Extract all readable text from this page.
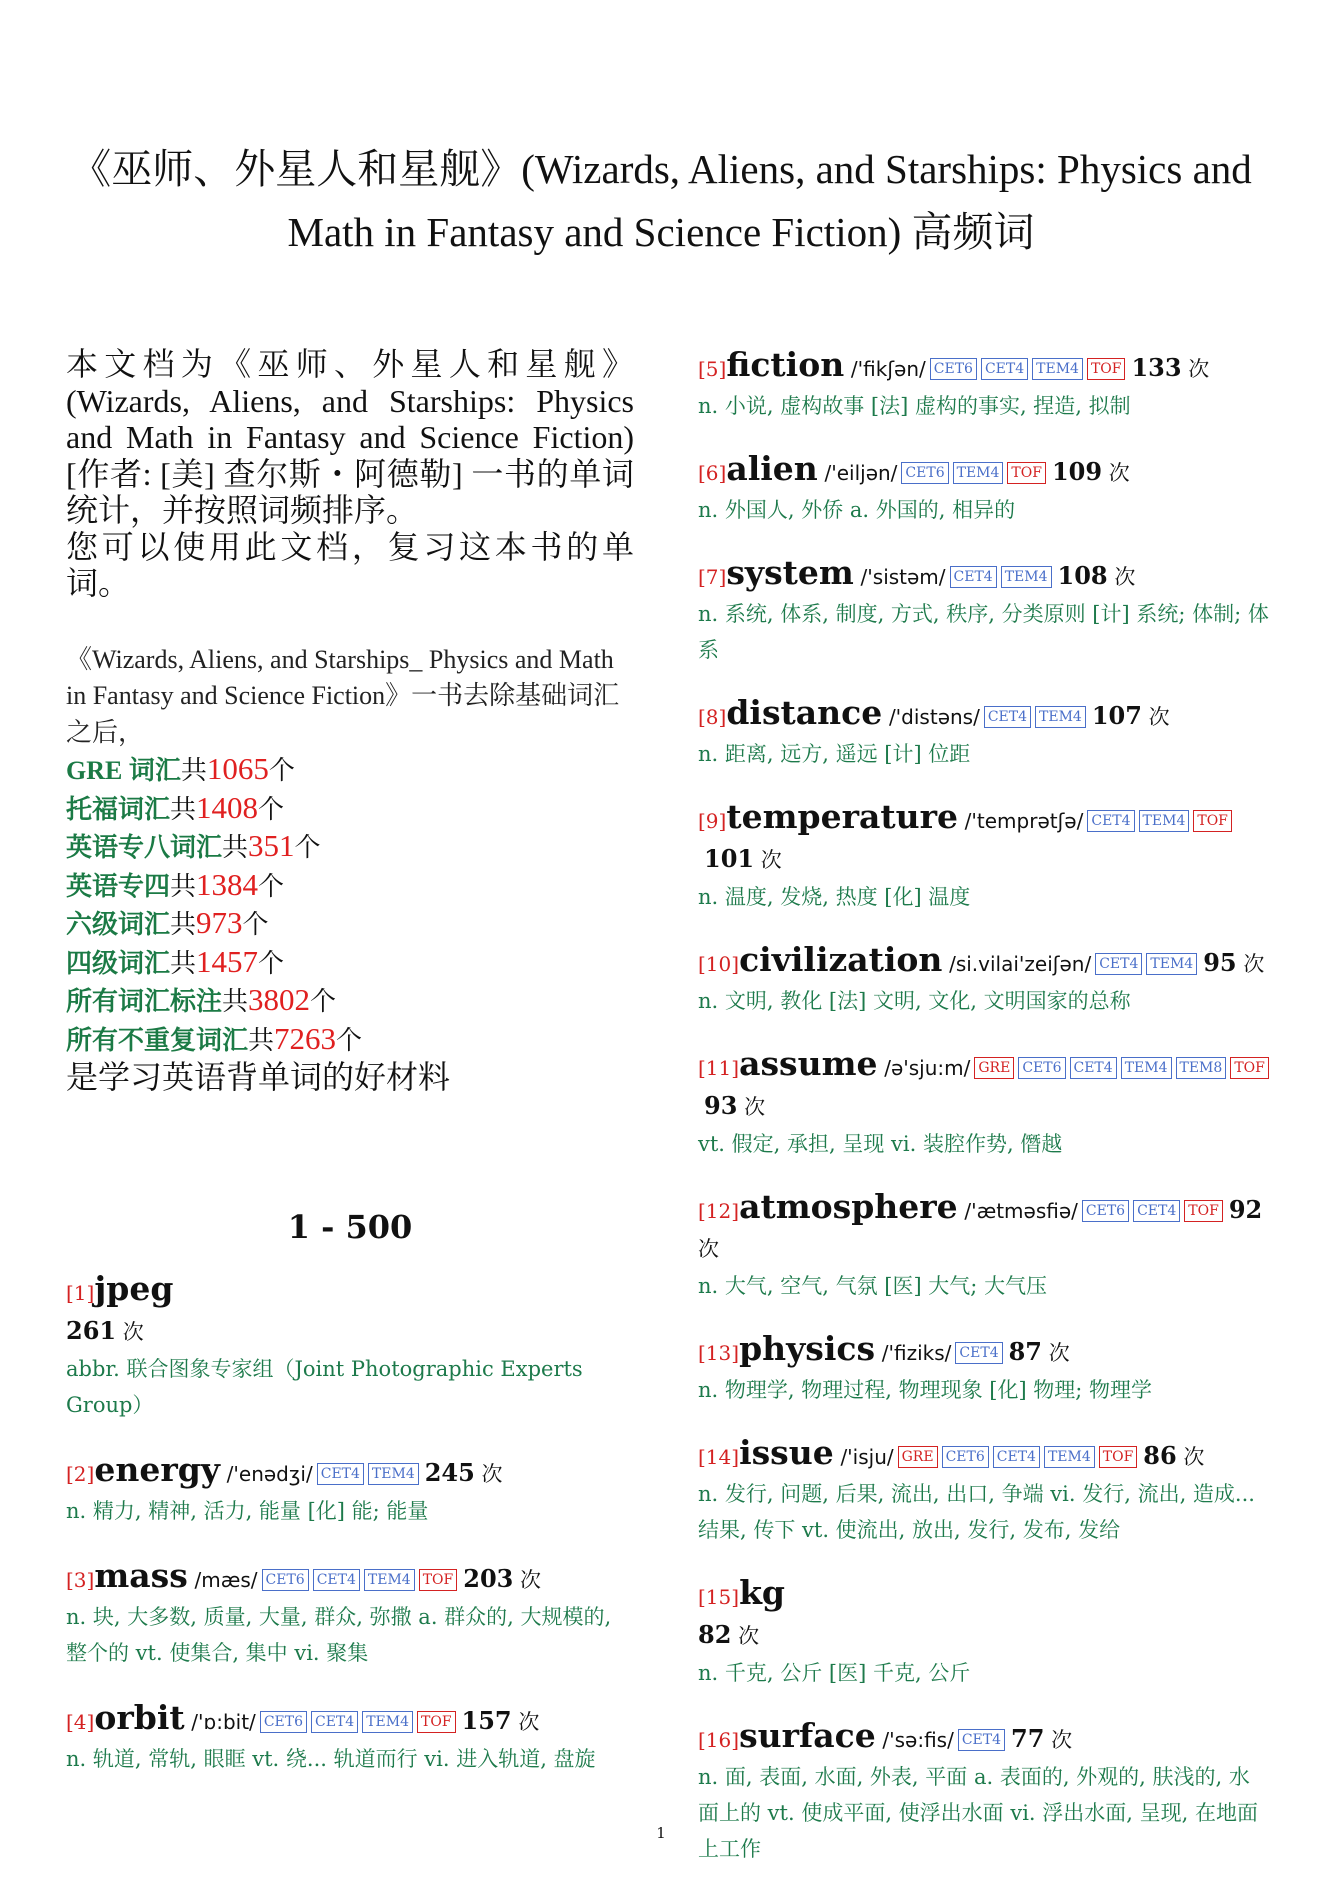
《巫师、外星人和星舰》(Wizards, Aliens, and Starships: Physics and Math in Fantasy and Science Fiction) 高频词

本文档为《巫师、外星人和星舰》(Wizards, Aliens, and Starships: Physics and Math in Fantasy and Science Fiction)[作者: [美] 查尔斯・阿德勒] 一书的单词统计，并按照词频排序。

您可以使用此文档，复习这本书的单词。

《Wizards, Aliens, and Starships_ Physics and Math in Fantasy and Science Fiction》一书去除基础词汇之后，
GRE 词汇共1065个
托福词汇共1408个
英语专八词汇共351个
英语专四共1384个
六级词汇共973个
四级词汇共1457个
所有词汇标注共3802个
所有不重复词汇共7263个
是学习英语背单词的好材料
1 - 500
[1]jpeg
261 次
abbr. 联合图象专家组（Joint Photographic Experts Group）
[2]energy /'enədʒi/ CET4 TEM4 245 次
n. 精力, 精神, 活力, 能量 [化] 能; 能量
[3]mass /mæs/ CET6 CET4 TEM4 TOF 203 次
n. 块, 大多数, 质量, 大量, 群众, 弥撒 a. 群众的, 大规模的, 整个的 vt. 使集合, 集中 vi. 聚集
[4]orbit /'ɒ:bit/ CET6 CET4 TEM4 TOF 157 次
n. 轨道, 常轨, 眼眶 vt. 绕... 轨道而行 vi. 进入轨道, 盘旋
[5]fiction /'fikʃən/ CET6 CET4 TEM4 TOF 133 次
n. 小说, 虚构故事 [法] 虚构的事实, 捏造, 拟制
[6]alien /'eiljən/ CET6 TEM4 TOF 109 次
n. 外国人, 外侨 a. 外国的, 相异的
[7]system /'sistəm/ CET4 TEM4 108 次
n. 系统, 体系, 制度, 方式, 秩序, 分类原则 [计] 系统; 体制; 体系
[8]distance /'distəns/ CET4 TEM4 107 次
n. 距离, 远方, 遥远 [计] 位距
[9]temperature /'temprətʃə/ CET4 TEM4 TOF101 次
n. 温度, 发烧, 热度 [化] 温度
[10]civilization /si.vilai'zeiʃən/ CET4 TEM4 95 次
n. 文明, 教化 [法] 文明, 文化, 文明国家的总称
[11]assume /ə'sju:m/ GRE CET6 CET4 TEM4 TEM8 TOF93 次
vt. 假定, 承担, 呈现 vi. 装腔作势, 僭越
[12]atmosphere /'ætməsfiə/ CET6 CET4 TOF 92 次
n. 大气, 空气, 气氛 [医] 大气; 大气压
[13]physics /'fiziks/ CET4 87 次
n. 物理学, 物理过程, 物理现象 [化] 物理; 物理学
[14]issue /'isju/ GRE CET6 CET4 TEM4 TOF 86 次
n. 发行, 问题, 后果, 流出, 出口, 争端 vi. 发行, 流出, 造成... 结果, 传下 vt. 使流出, 放出, 发行, 发布, 发给
[15]kg
82 次
n. 千克, 公斤 [医] 千克, 公斤
[16]surface /'sə:fis/ CET4 77 次
n. 面, 表面, 水面, 外表, 平面 a. 表面的, 外观的, 肤浅的, 水面上的 vt. 使成平面, 使浮出水面 vi. 浮出水面, 呈现, 在地面上工作
1
